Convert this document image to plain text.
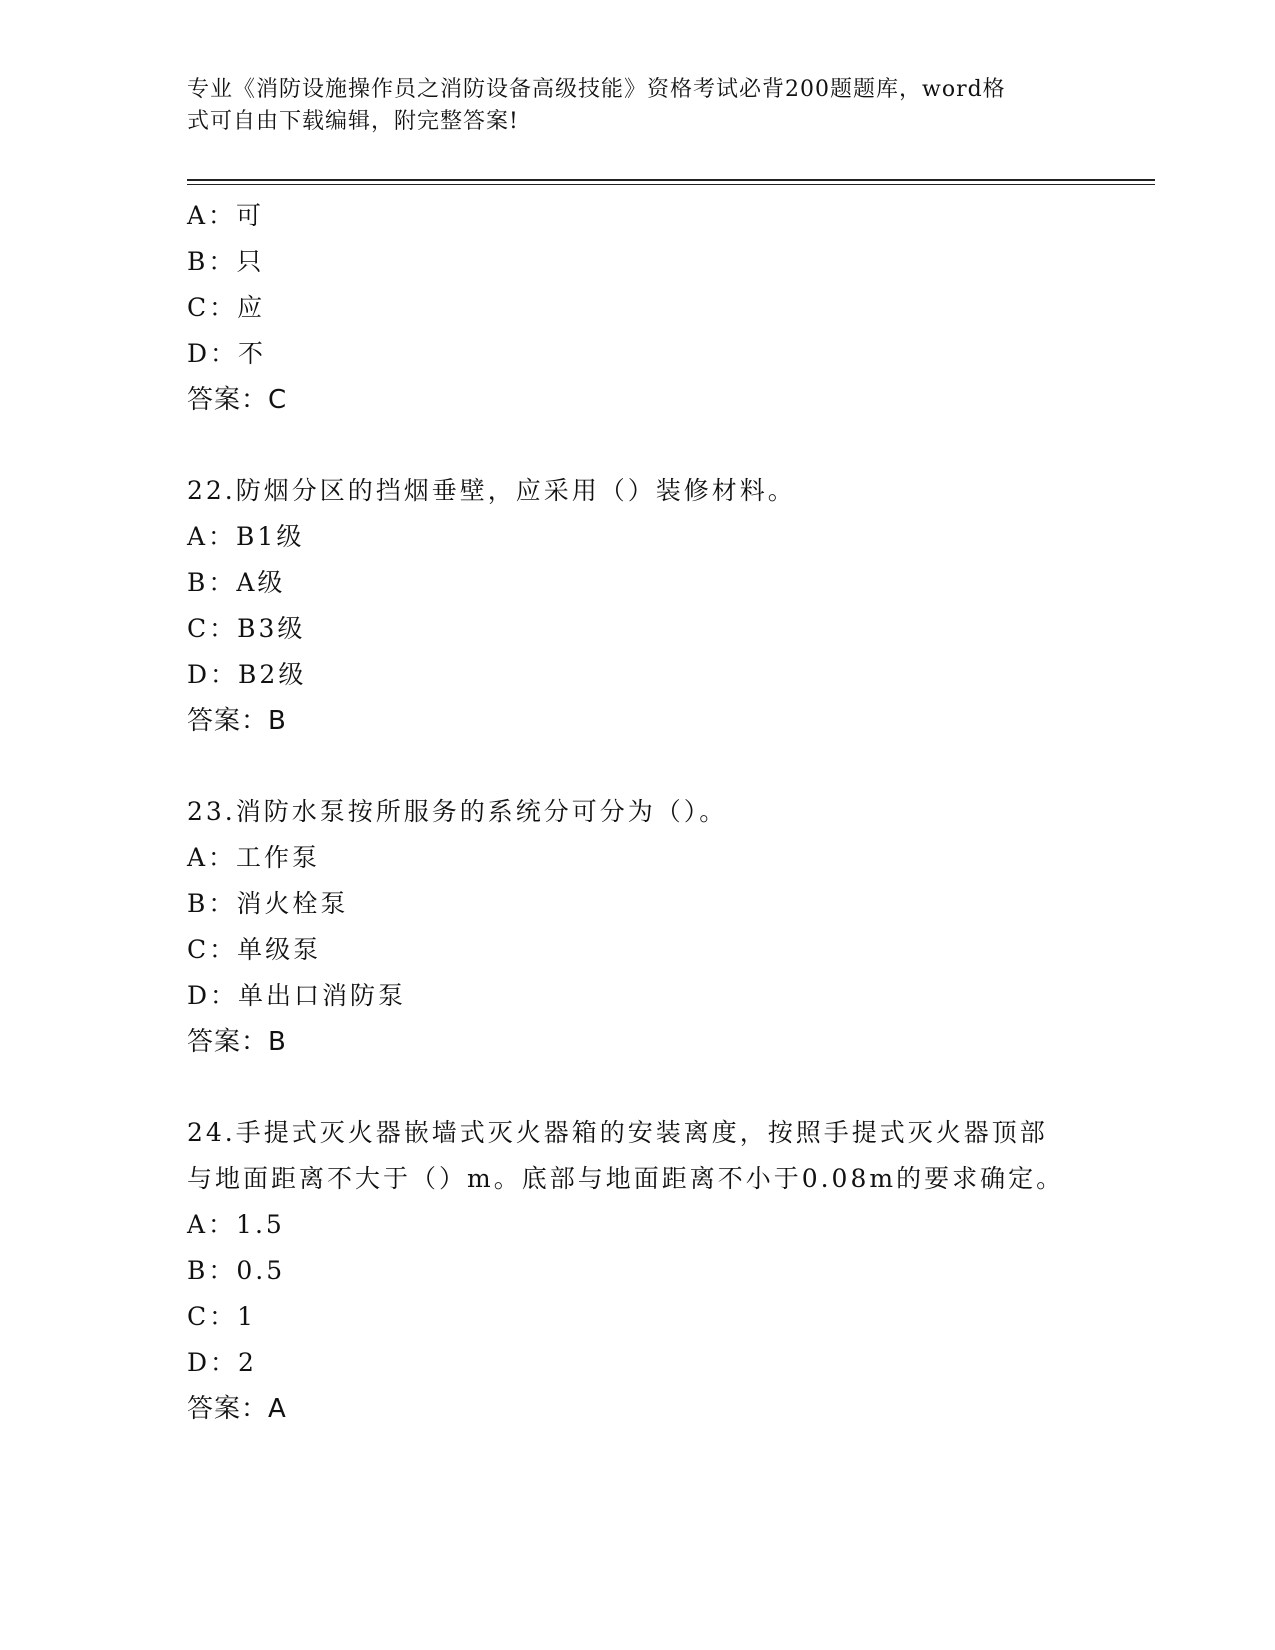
专业《消防设施操作员之消防设备高级技能》资格考试必背200题题库，word格
式可自由下载编辑，附完整答案!
A：可
B：只
C：应
D：不
答案：C
22.防烟分区的挡烟垂壁，应采用（）装修材料。
A：B1级
B：A级
C：B3级
D：B2级
答案：B
23.消防水泵按所服务的系统分可分为（）。
A：工作泵
B：消火栓泵
C：单级泵
D：单出口消防泵
答案：B
24.手提式灭火器嵌墙式灭火器箱的安装离度，按照手提式灭火器顶部
与地面距离不大于（）m。底部与地面距离不小于0.08m的要求确定。
A：1.5
B：0.5
C：1
D：2
答案：A
